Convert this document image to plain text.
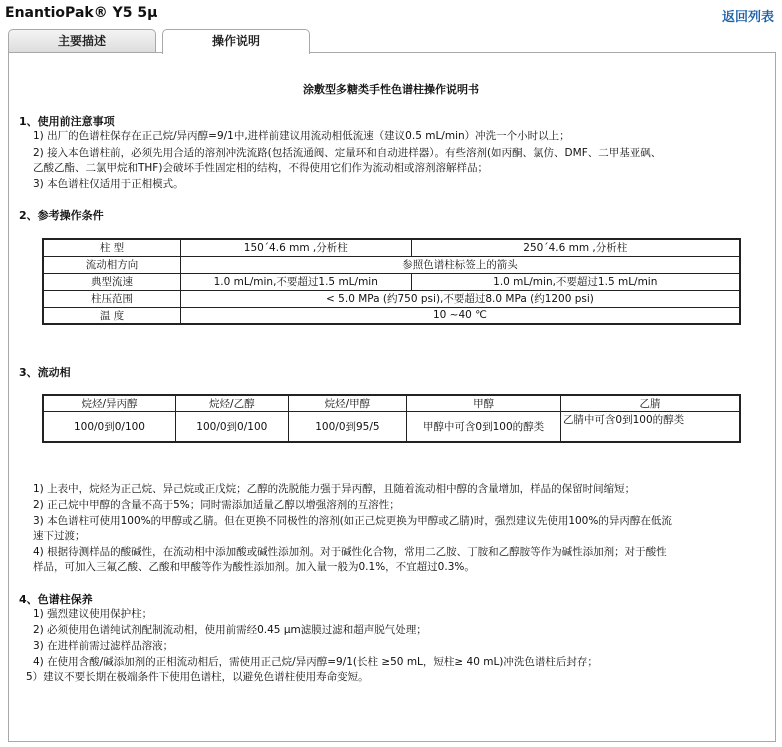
EnantioPak® Y5 5μ	返回列表
主要描述	操作说明
涂敷型多糖类手性色谱柱操作说明书
1、使用前注意事项
1) 出厂的色谱柱保存在正己烷/异丙醇=9/1中,进样前建议用流动相低流速（建议0.5 mL/min）冲洗一个小时以上；
2) 接入本色谱柱前，必须先用合适的溶剂冲洗流路(包括流通阀、定量环和自动进样器）。有些溶剂(如丙酮、氯仿、DMF、二甲基亚砜、
乙酸乙酯、二氯甲烷和THF)会破坏手性固定相的结构，不得使用它们作为流动相或溶剂溶解样品；
3) 本色谱柱仅适用于正相模式。
2、参考操作条件
柱 型	150´4.6 mm ,分析柱	250´4.6 mm ,分析柱
流动相方向	参照色谱柱标签上的箭头	
典型流速	1.0 mL/min,不要超过1.5 mL/min	1.0 mL/min,不要超过1.5 mL/min
柱压范围	< 5.0 MPa (约750 psi),不要超过8.0 MPa (约1200 psi)	
温 度	10 ~40 ℃	
3、流动相
烷烃/异丙醇	烷烃/乙醇	烷烃/甲醇	甲醇	乙腈
100/0到0/100	100/0到0/100	100/0到95/5	甲醇中可含0到100的醇类	乙腈中可含0到100的醇类
1) 上表中，烷烃为正己烷、异己烷或正戊烷；乙醇的洗脱能力强于异丙醇，且随着流动相中醇的含量增加，样品的保留时间缩短；
2) 正己烷中甲醇的含量不高于5%；同时需添加适量乙醇以增强溶剂的互溶性；
3) 本色谱柱可使用100%的甲醇或乙腈。但在更换不同极性的溶剂(如正己烷更换为甲醇或乙腈)时，强烈建议先使用100%的异丙醇在低流
速下过渡；
4) 根据待测样品的酸碱性，在流动相中添加酸或碱性添加剂。对于碱性化合物，常用二乙胺、丁胺和乙醇胺等作为碱性添加剂；对于酸性
样品，可加入三氟乙酸、乙酸和甲酸等作为酸性添加剂。加入量一般为0.1%，不宜超过0.3%。
4、色谱柱保养
1) 强烈建议使用保护柱；
2) 必须使用色谱纯试剂配制流动相，使用前需经0.45 μm滤膜过滤和超声脱气处理；
3) 在进样前需过滤样品溶液；
4) 在使用含酸/碱添加剂的正相流动相后，需使用正己烷/异丙醇=9/1(长柱 ≥50 mL，短柱≥ 40 mL)冲洗色谱柱后封存；
5）建议不要长期在极端条件下使用色谱柱，以避免色谱柱使用寿命变短。
